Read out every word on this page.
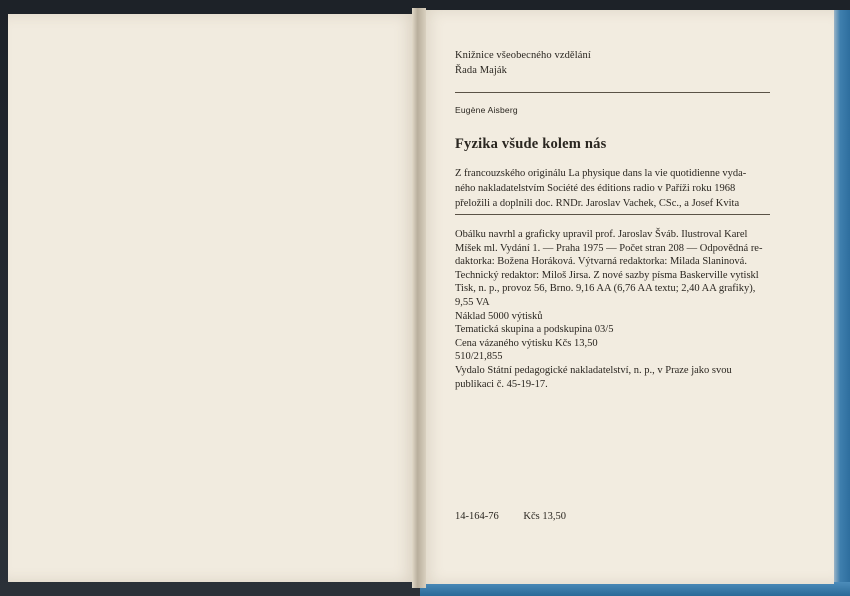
Knižnice všeobecného vzdělání
Řada Maják
Eugène Aisberg
Fyzika všude kolem nás
Z francouzského originálu La physique dans la vie quotidienne vyda-
ného nakladatelstvím Société des éditions radio v Paříži roku 1968
přeložili a doplnili doc. RNDr. Jaroslav Vachek, CSc., a Josef Kvita
Obálku navrhl a graficky upravil prof. Jaroslav Šváb. Ilustroval Karel
Míšek ml. Vydání 1. — Praha 1975 — Počet stran 208 — Odpovědná re-
daktorka: Božena Horáková. Výtvarná redaktorka: Milada Slaninová.
Technický redaktor: Miloš Jirsa. Z nové sazby písma Baskerville vytiskl
Tisk, n. p., provoz 56, Brno. 9,16 AA (6,76 AA textu; 2,40 AA grafiky),
9,55 VA
Náklad 5000 výtisků
Tematická skupina a podskupina 03/5
Cena vázaného výtisku Kčs 13,50
510/21,855
Vydalo Státní pedagogické nakladatelství, n. p., v Praze jako svou
publikaci č. 45-19-17.
14-164-76 Kčs 13,50
